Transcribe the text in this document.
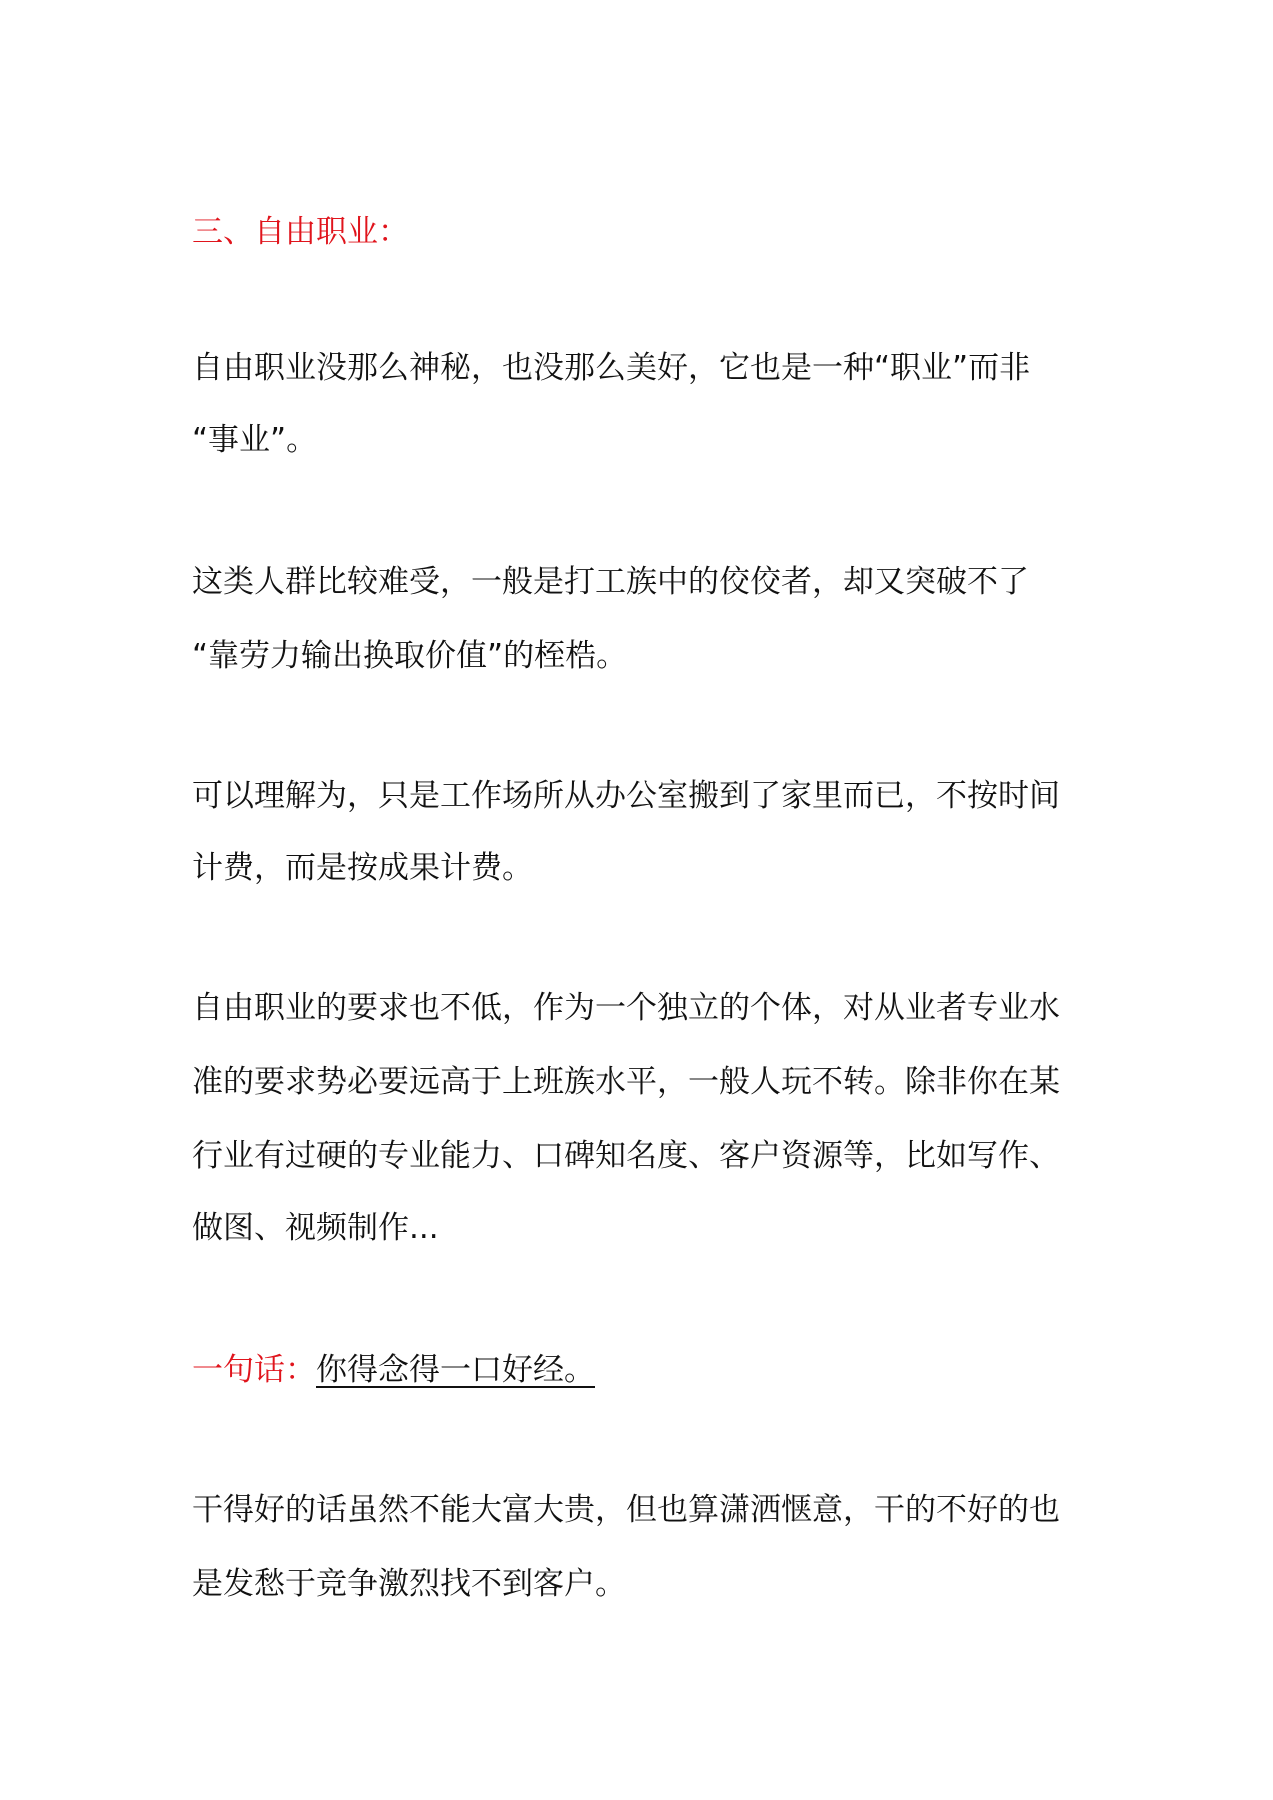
三、自由职业：
自由职业没那么神秘，也没那么美好，它也是一种“职业”而非
“事业”。
这类人群比较难受，一般是打工族中的佼佼者，却又突破不了
“靠劳力输出换取价值”的桎梏。
可以理解为，只是工作场所从办公室搬到了家里而已，不按时间
计费，而是按成果计费。
自由职业的要求也不低，作为一个独立的个体，对从业者专业水
准的要求势必要远高于上班族水平，一般人玩不转。除非你在某
行业有过硬的专业能力、口碑知名度、客户资源等，比如写作、
做图、视频制作...
一句话：你得念得一口好经。
干得好的话虽然不能大富大贵，但也算潇洒惬意，干的不好的也
是发愁于竞争激烈找不到客户。
